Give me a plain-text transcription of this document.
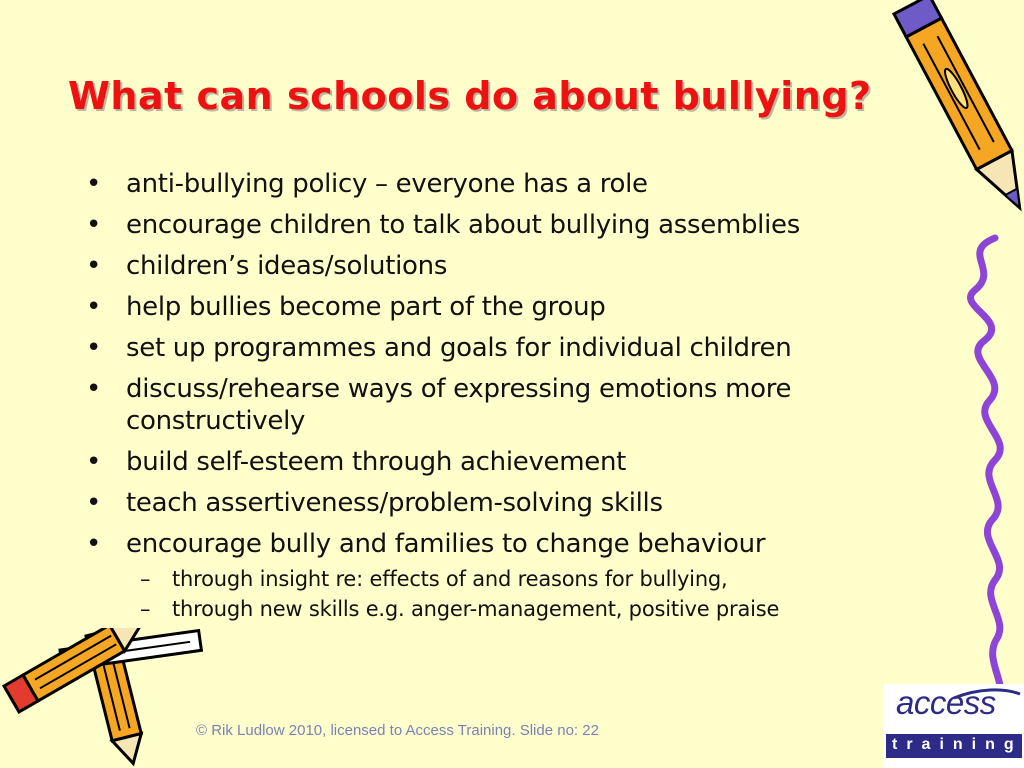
What can schools do about bullying?
• anti-bullying policy – everyone has a role
• encourage children to talk about bullying assemblies
• children’s ideas/solutions
• help bullies become part of the group
• set up programmes and goals for individual children
• discuss/rehearse ways of expressing emotions more constructively
• build self-esteem through achievement
• teach assertiveness/problem-solving skills
• encourage bully and families to change behaviour
– through insight re: effects of and reasons for bullying,
– through new skills e.g. anger-management, positive praise
© Rik Ludlow 2010, licensed to Access Training. Slide no: 22
access
training
